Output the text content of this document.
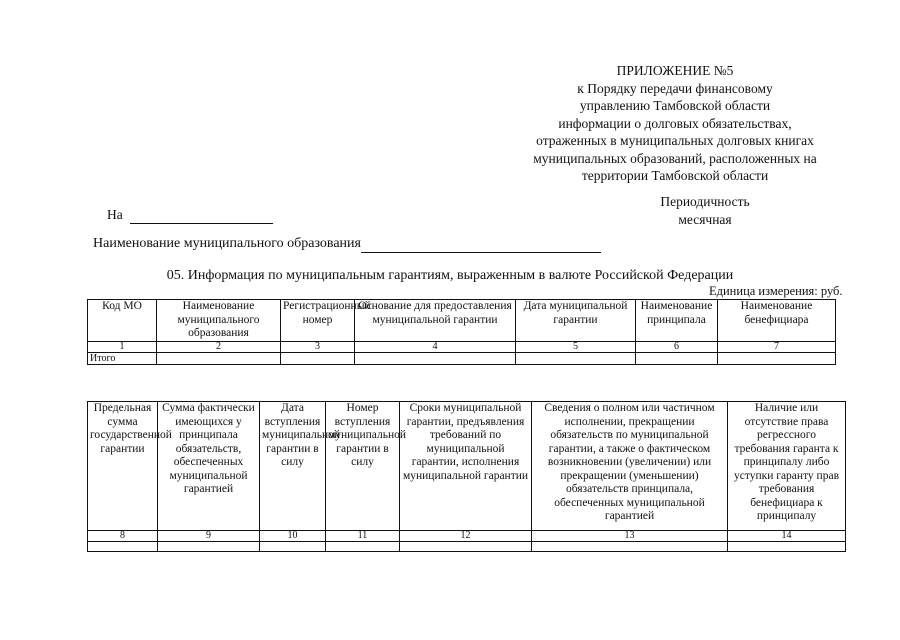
ПРИЛОЖЕНИЕ №5
к Порядку передачи финансовому
управлению Тамбовской области
информации о долговых обязательствах,
отраженных в муниципальных долговых книгах
муниципальных образований, расположенных на
территории Тамбовской области
Периодичность
месячная
На
Наименование муниципального образования
05. Информация по муниципальным гарантиям, выраженным в валюте Российской Федерации
Единица измерения: руб.
Код МО	Наименование муниципального образования	Регистрационный номер	Основание для предоставления муниципальной гарантии	Дата муниципальной гарантии	Наименование принципала	Наименование бенефициара
1	2	3	4	5	6	7
Итого						
Предельная сумма государственной гарантии	Сумма фактически имеющихся у принципала обязательств, обеспеченных муниципальной гарантией	Дата вступления муниципальной гарантии в силу	Номер вступления муниципальной гарантии в силу	Сроки муниципальной гарантии, предъявления требований по муниципальной гарантии, исполнения муниципальной гарантии	Сведения о полном или частичном исполнении, прекращении обязательств по муниципальной гарантии, а также о фактическом возникновении (увеличении) или прекращении (уменьшении) обязательств принципала, обеспеченных муниципальной гарантией	Наличие или отсутствие права регрессного требования гаранта к принципалу либо уступки гаранту прав требования бенефициара к принципалу
8	9	10	11	12	13	14
